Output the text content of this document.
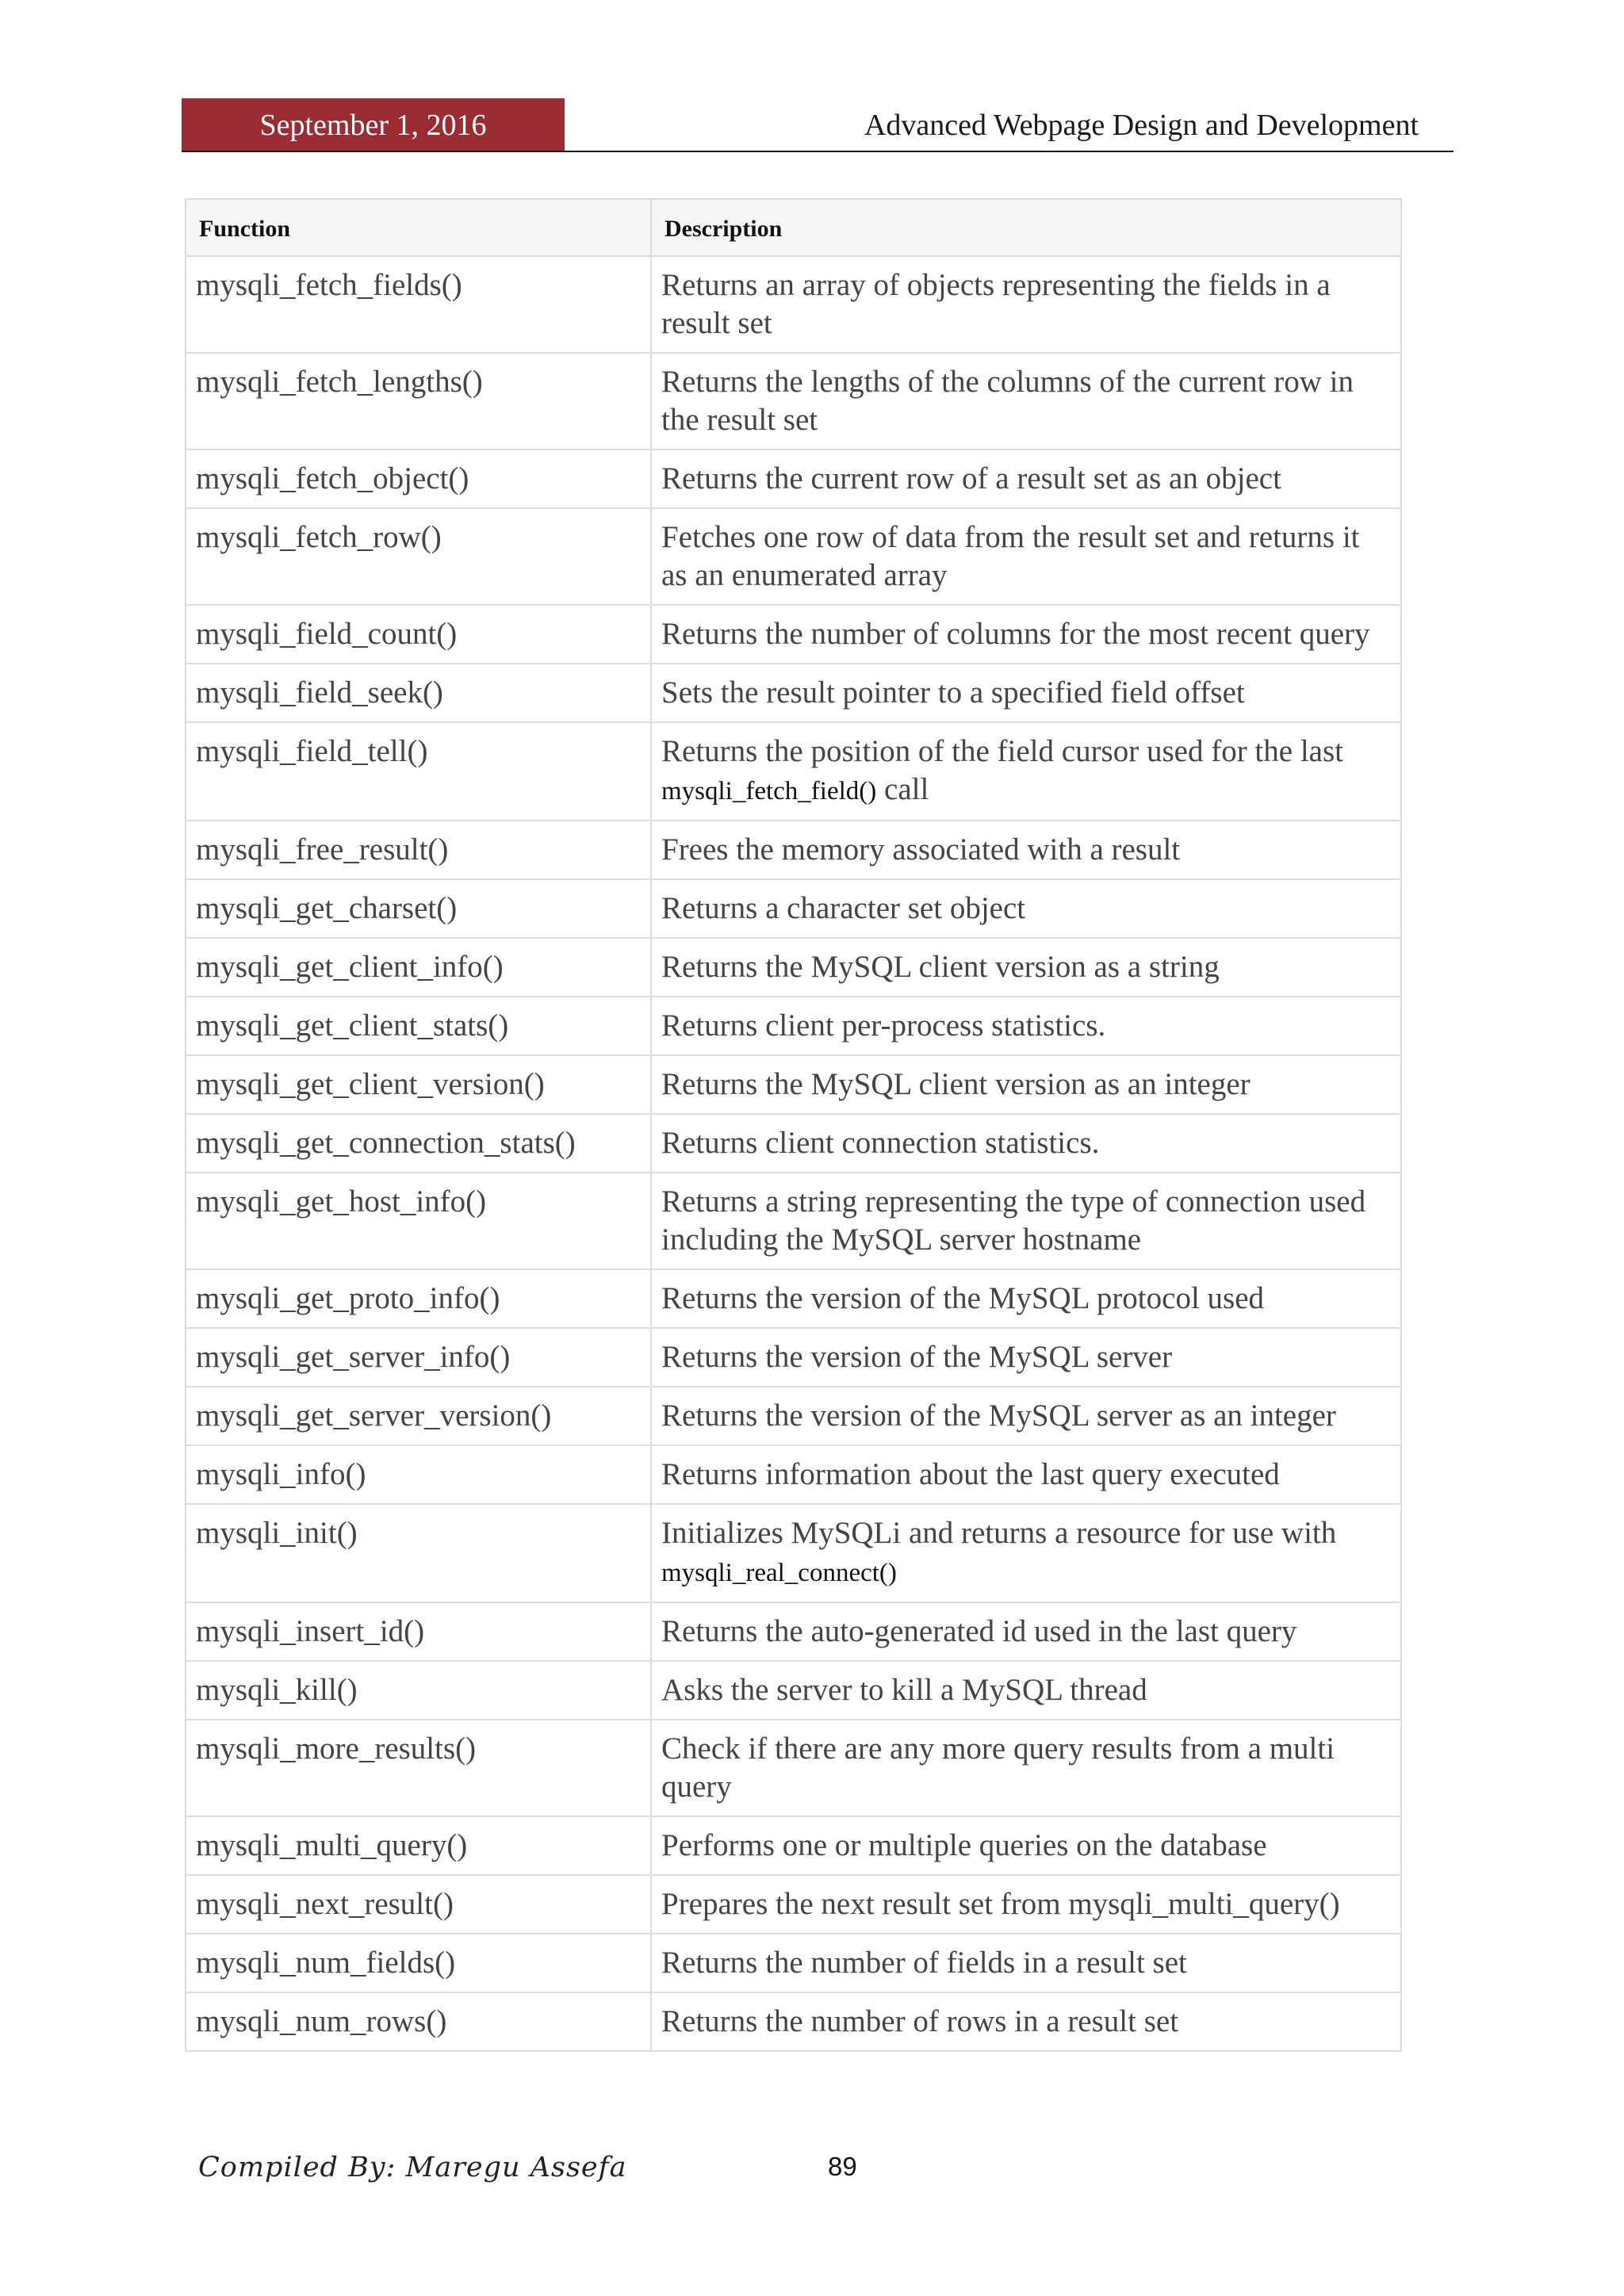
September 1, 2016	Advanced Webpage Design and Development
Function	Description
mysqli_fetch_fields()	Returns an array of objects representing the fields in a result set
mysqli_fetch_lengths()	Returns the lengths of the columns of the current row in the result set
mysqli_fetch_object()	Returns the current row of a result set as an object
mysqli_fetch_row()	Fetches one row of data from the result set and returns it as an enumerated array
mysqli_field_count()	Returns the number of columns for the most recent query
mysqli_field_seek()	Sets the result pointer to a specified field offset
mysqli_field_tell()	Returns the position of the field cursor used for the last mysqli_fetch_field() call
mysqli_free_result()	Frees the memory associated with a result
mysqli_get_charset()	Returns a character set object
mysqli_get_client_info()	Returns the MySQL client version as a string
mysqli_get_client_stats()	Returns client per-process statistics.
mysqli_get_client_version()	Returns the MySQL client version as an integer
mysqli_get_connection_stats()	Returns client connection statistics.
mysqli_get_host_info()	Returns a string representing the type of connection used including the MySQL server hostname
mysqli_get_proto_info()	Returns the version of the MySQL protocol used
mysqli_get_server_info()	Returns the version of the MySQL server
mysqli_get_server_version()	Returns the version of the MySQL server as an integer
mysqli_info()	Returns information about the last query executed
mysqli_init()	Initializes MySQLi and returns a resource for use with mysqli_real_connect()
mysqli_insert_id()	Returns the auto-generated id used in the last query
mysqli_kill()	Asks the server to kill a MySQL thread
mysqli_more_results()	Check if there are any more query results from a multi query
mysqli_multi_query()	Performs one or multiple queries on the database
mysqli_next_result()	Prepares the next result set from mysqli_multi_query()
mysqli_num_fields()	Returns the number of fields in a result set
mysqli_num_rows()	Returns the number of rows in a result set
Compiled By: Maregu Assefa	89
